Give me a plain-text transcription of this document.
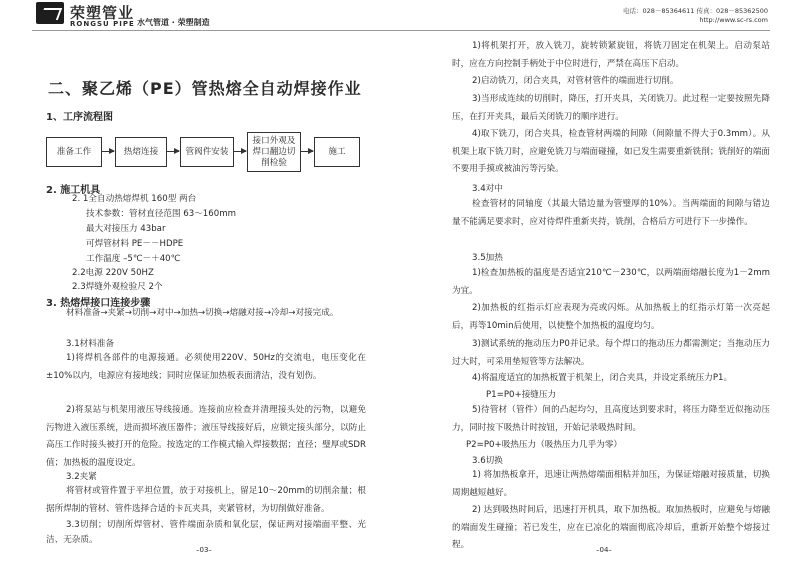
荣塑管业
RONGSU PIPE 水气管道 · 荣塑制造
电话：028－85364611 传真：028－85362500
http://www.sc-rs.com
二、聚乙烯（PE）管热熔全自动焊接作业
1、工序流程图
准备工作	热熔连接	管阀件安装
接口外观及
焊口翻边切
削检验
施工
2. 施工机具
2. 1全自动热熔焊机 160型 两台
技术参数：管材直径范围 63～160mm
最大对接压力 43bar
可焊管材料 PE－－HDPE
工作温度 –5℃－＋40℃
2.2电源 220V 50HZ
2.3焊缝外观检验尺 2个
3. 热熔焊接口连接步骤
材料准备→夹紧→切削→对中→加热→切换→熔融对接→冷却→对接完成。
3.1材料准备
1)将焊机各部件的电源接通。必须使用220V、50Hz的交流电，电压变化在±10%以内，电源应有接地线；同时应保证加热板表面清洁，没有划伤。
2)将泵站与机架用液压导线接通。连接前应检查并清理接头处的污物，以避免污物进入液压系统，进而损坏液压器件；液压导线接好后，应锁定接头部分，以防止高压工作时接头被打开的危险。按选定的工作模式输入焊接数据；直径；璧厚或SDR值；加热板的温度设定。
3.2夹紧
将管材或管件置于平坦位置，放于对接机上，留足10～20mm的切削余量；根据所焊制的管材、管件选择合适的卡瓦夹具，夹紧管材，为切削做好准备。
3.3切削；切削所焊管材、管件端面杂质和氧化层，保证两对接端面平整、光洁、无杂质。
–03–
1)将机架打开，放入铣刀，旋转锁紧旋钮，将铣刀固定在机架上。启动泵站时，应在方向控制手柄处于中位时进行，严禁在高压下启动。
2)启动铣刀，闭合夹具，对管材管件的端面进行切削。
3)当形成连续的切削时，降压，打开夹具，关闭铣刀。此过程一定要按照先降压，在打开夹具，最后关闭铣刀的顺序进行。
4)取下铣刀，闭合夹具，检查管材两端的间隙（间隙量不得大于0.3mm）。从机架上取下铣刀时，应避免铣刀与端面碰撞，如已发生需要重新铣削；铣削好的端面不要用手摸或被油污等污染。
3.4对中
检查管材的同轴度（其最大错边量为管璧厚的10%）。当两端面的间隙与错边量不能满足要求时，应对待焊件重新夹持，铣削，合格后方可进行下一步操作。
3.5加热
1)检查加热板的温度是否适宜210℃－230℃，以两端面熔融长度为1－2mm为宜。
2)加热板的红指示灯应表现为亮或闪烁。从加热板上的红指示灯第一次亮起后，再等10min后使用，以使整个加热板的温度均匀。
3)测试系统的拖动压力P0并记录。每个焊口的拖动压力都需测定；当拖动压力过大时，可采用垫短管等方法解决。
4)将温度适宜的加热板置于机架上，闭合夹具，并设定系统压力P1。
P1=P0+接缝压力
5)待管材（管件）间的凸起均匀，且高度达到要求时，将压力降至近似拖动压力，同时按下吸热计时按钮，开始记录吸热时间。
P2=P0+吸热压力（吸热压力几乎为零）
3.6切换
1) 将加热板拿开，迅速让两热熔端面相粘并加压，为保证熔融对接质量，切换周期越短越好。
2) 达到吸热时间后，迅速打开机具，取下加热板。取加热板时，应避免与熔融的端面发生碰撞；若已发生，应在已凉化的端面彻底冷却后，重新开始整个熔接过程。	–04–
